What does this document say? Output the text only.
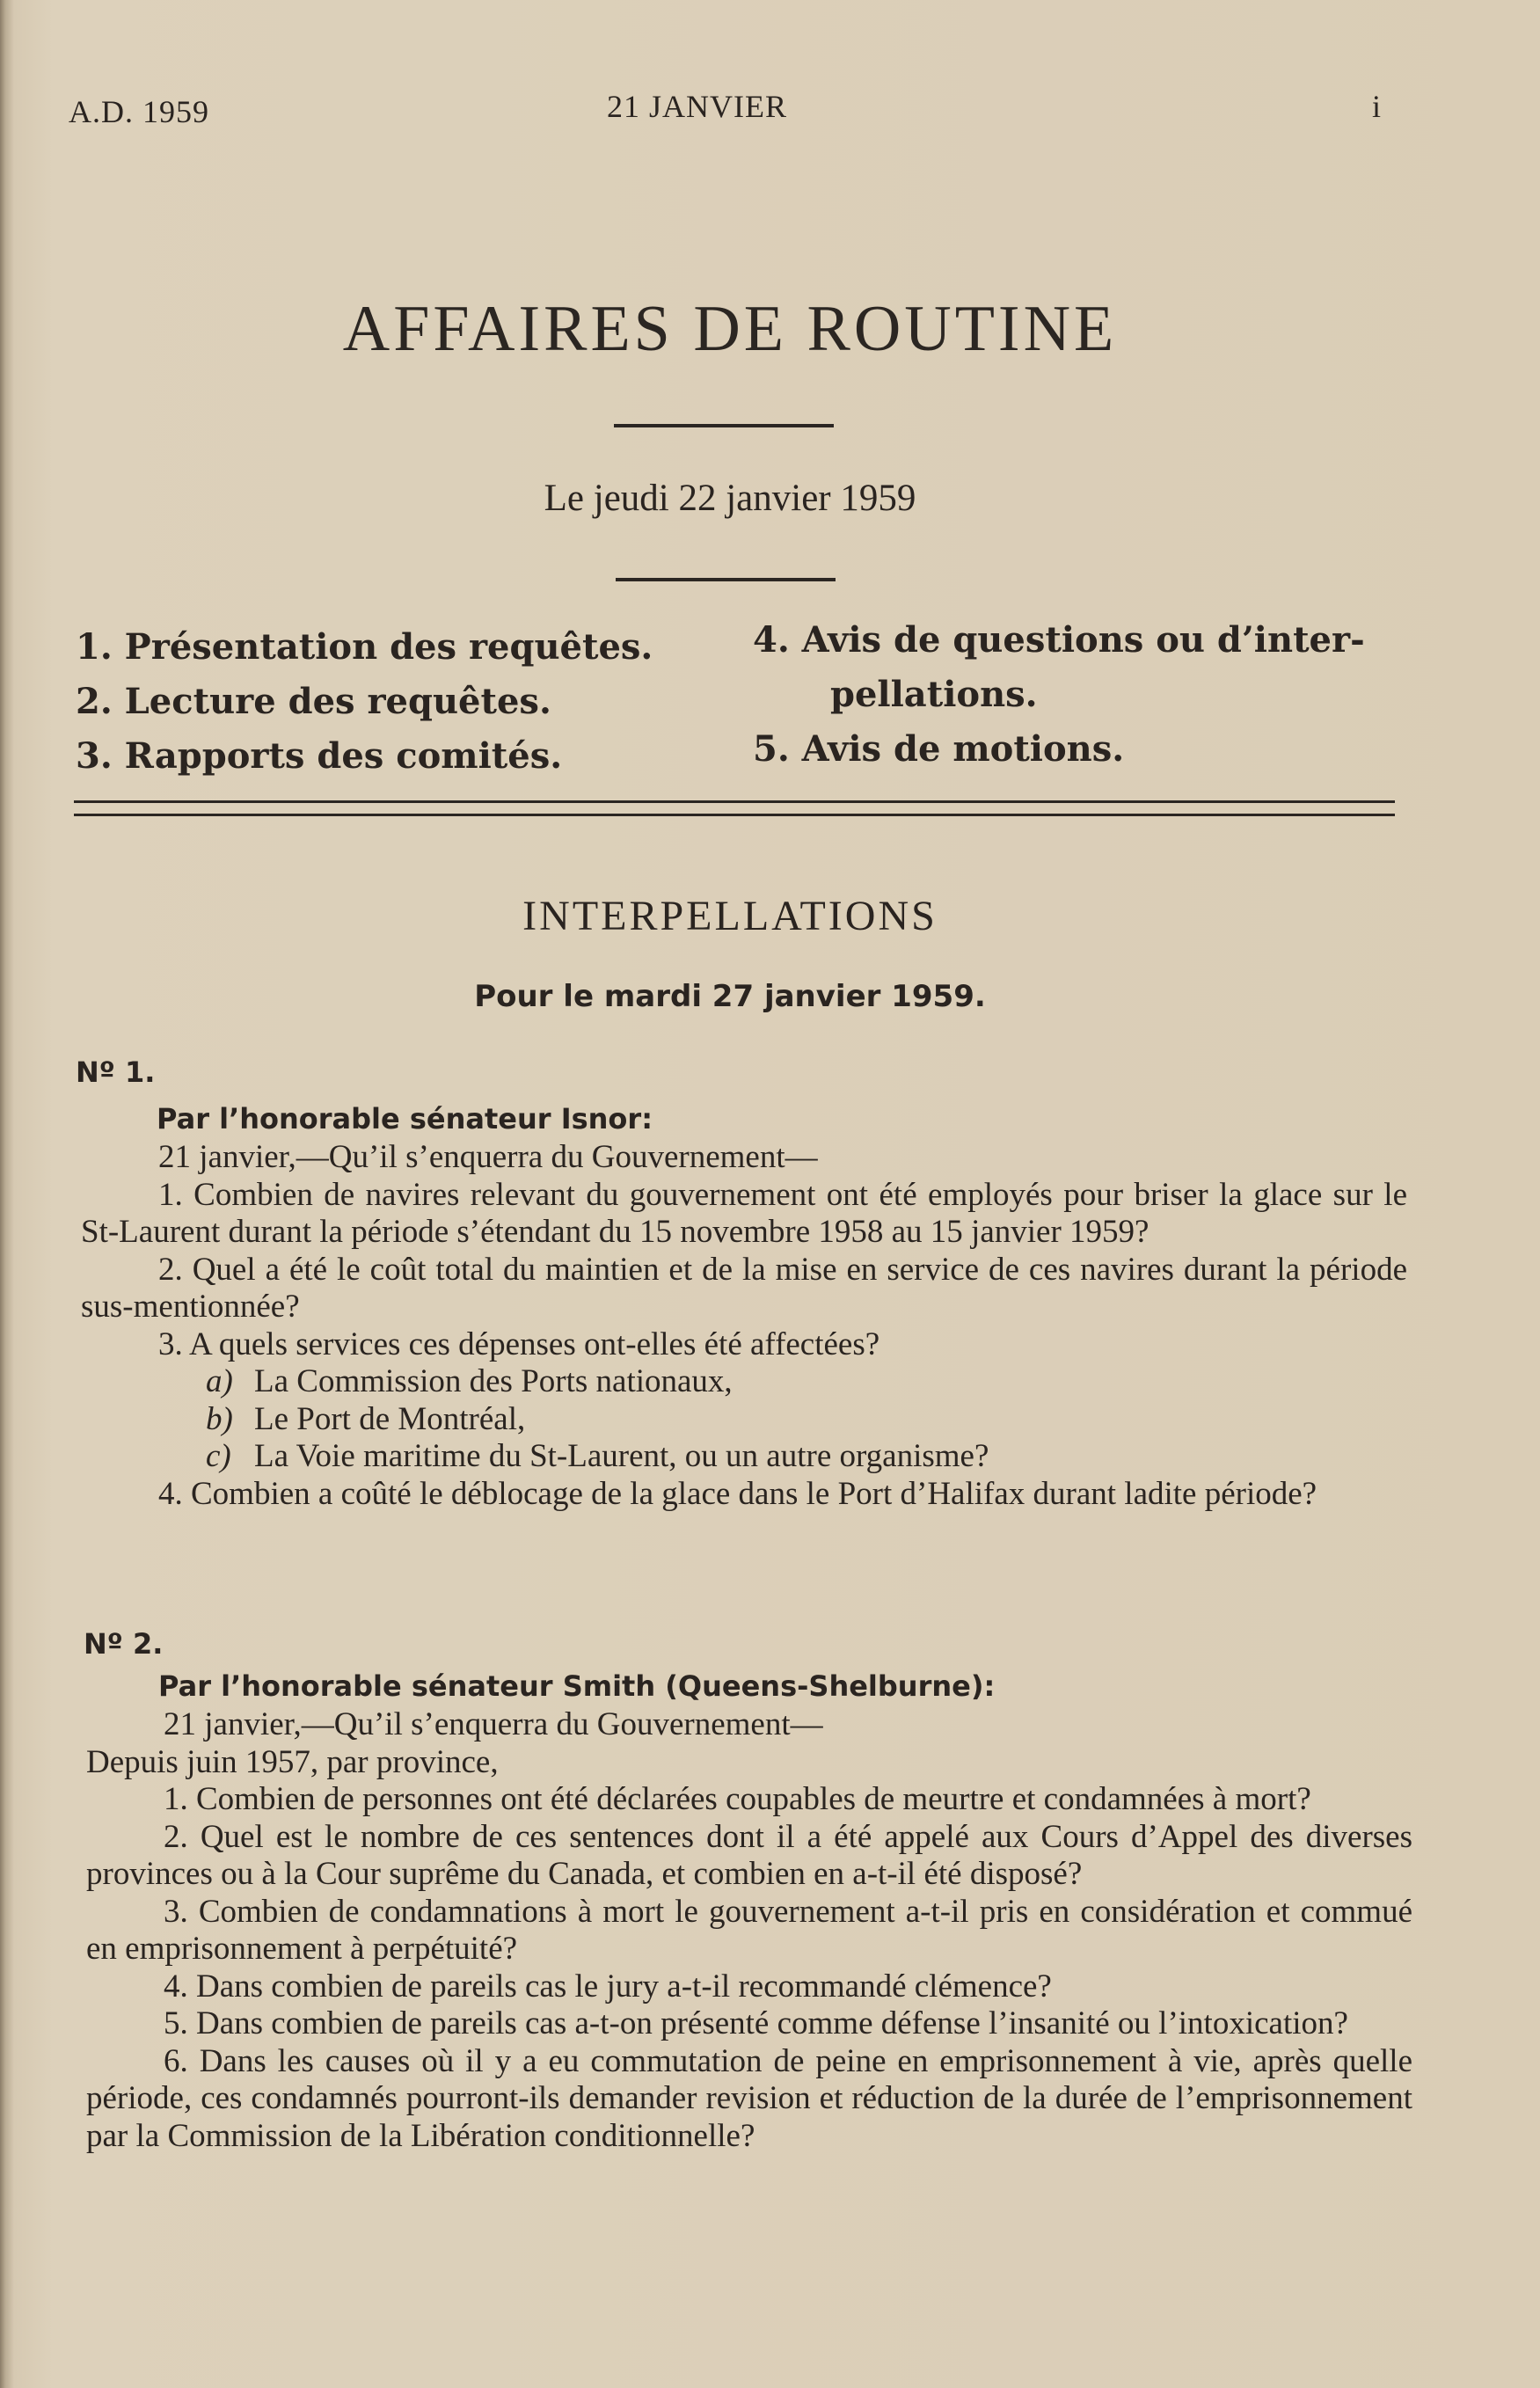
A.D. 1959	21 JANVIER	i
AFFAIRES DE ROUTINE
Le jeudi 22 janvier 1959
1. Présentation des requêtes.
2. Lecture des requêtes.
3. Rapports des comités.
4. Avis de questions ou d’inter-
pellations.
5. Avis de motions.
INTERPELLATIONS
Pour le mardi 27 janvier 1959.
Nº 1.
Par l’honorable sénateur Isnor:

21 janvier,—Qu’il s’enquerra du Gouvernement—

1. Combien de navires relevant du gouvernement ont été employés pour briser la glace sur le St-Laurent durant la période s’étendant du 15 novembre 1958 au 15 janvier 1959?

2. Quel a été le coût total du maintien et de la mise en service de ces navires durant la période sus-mentionnée?

3. A quels services ces dépenses ont-elles été affectées?

a) La Commission des Ports nationaux,

b) Le Port de Montréal,

c) La Voie maritime du St-Laurent, ou un autre organisme?

4. Combien a coûté le déblocage de la glace dans le Port d’Halifax durant ladite période?

Nº 2.
Par l’honorable sénateur Smith (Queens-Shelburne):

21 janvier,—Qu’il s’enquerra du Gouvernement—

Depuis juin 1957, par province,

1. Combien de personnes ont été déclarées coupables de meurtre et condamnées à mort?

2. Quel est le nombre de ces sentences dont il a été appelé aux Cours d’Appel des diverses provinces ou à la Cour suprême du Canada, et combien en a-t-il été disposé?

3. Combien de condamnations à mort le gouvernement a-t-il pris en considération et commué en emprisonnement à perpétuité?

4. Dans combien de pareils cas le jury a-t-il recommandé clémence?

5. Dans combien de pareils cas a-t-on présenté comme défense l’insanité ou l’intoxication?

6. Dans les causes où il y a eu commutation de peine en emprisonnement à vie, après quelle période, ces condamnés pourront-ils demander revision et réduction de la durée de l’emprisonnement par la Commission de la Libération conditionnelle?
